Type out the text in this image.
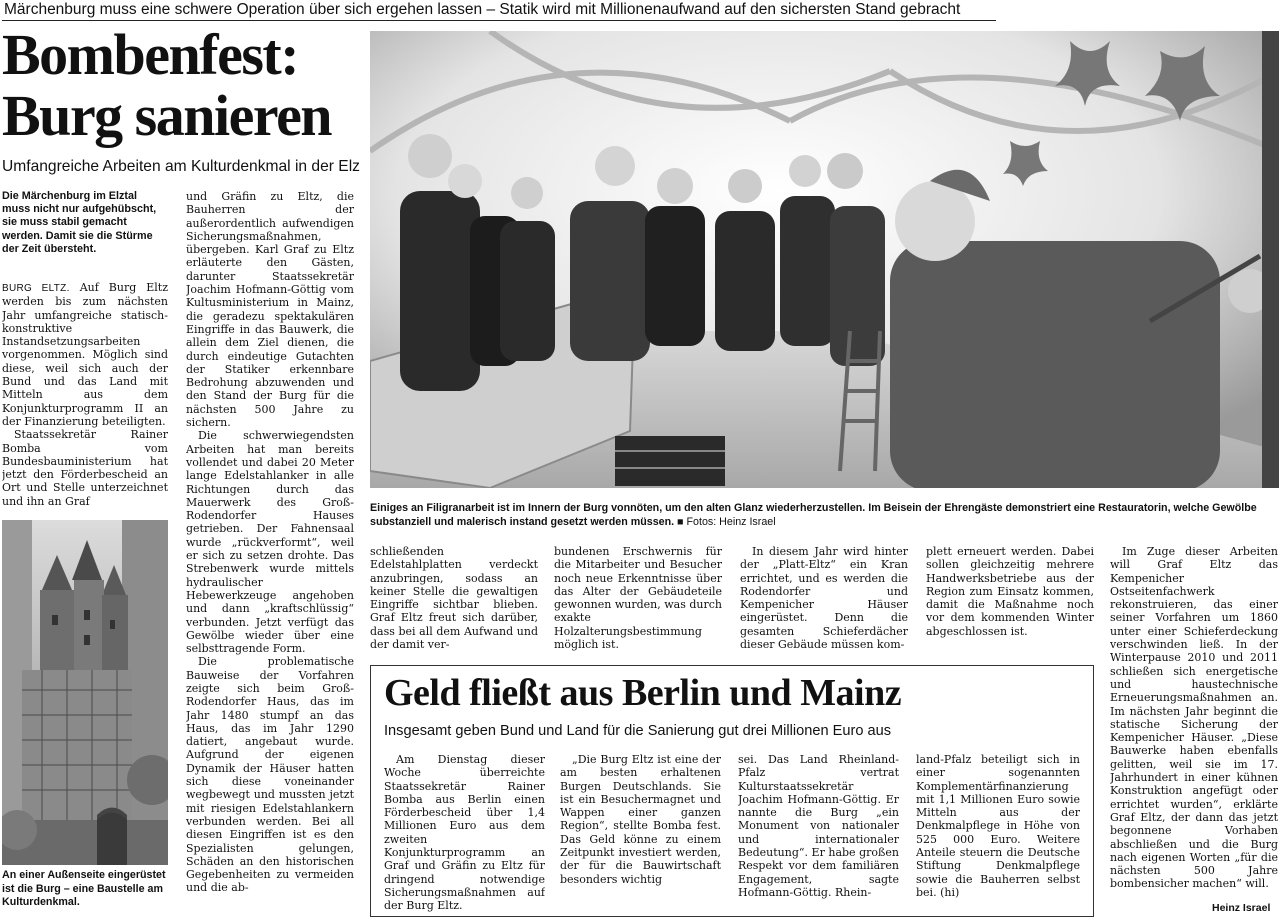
Märchenburg muss eine schwere Operation über sich ergehen lassen – Statik wird mit Millionenaufwand auf den sichersten Stand gebracht
Bombenfest:
Burg sanieren
Umfangreiche Arbeiten am Kulturdenkmal in der Elz
Die Märchenburg im Elztal muss nicht nur aufgehübscht, sie muss stabil gemacht werden. Damit sie die Stürme der Zeit übersteht.

BURG ELTZ. Auf Burg Eltz werden bis zum nächsten Jahr umfangreiche statisch-konstruktive Instandsetzungsarbeiten vorgenommen. Möglich sind diese, weil sich auch der Bund und das Land mit Mitteln aus dem Konjunkturprogramm II an der Finanzierung beteiligten.

Staatssekretär Rainer Bomba vom Bundesbauministerium hat jetzt den Förderbescheid an Ort und Stelle unterzeichnet und ihn an Graf

und Gräfin zu Eltz, die Bauherren der außerordentlich aufwendigen Sicherungsmaßnahmen, übergeben. Karl Graf zu Eltz erläuterte den Gästen, darunter Staatssekretär Joachim Hofmann-Göttig vom Kultusministerium in Mainz, die geradezu spektakulären Eingriffe in das Bauwerk, die allein dem Ziel dienen, die durch eindeutige Gutachten der Statiker erkennbare Bedrohung abzuwenden und den Stand der Burg für die nächsten 500 Jahre zu sichern.

Die schwerwiegendsten Arbeiten hat man bereits vollendet und dabei 20 Meter lange Edelstahlanker in alle Richtungen durch das Mauerwerk des Groß-Rodendorfer Hauses getrieben. Der Fahnensaal wurde „rückverformt“, weil er sich zu setzen drohte. Das Strebenwerk wurde mittels hydraulischer Hebewerkzeuge angehoben und dann „kraftschlüssig“ verbunden. Jetzt verfügt das Gewölbe wieder über eine selbsttragende Form.

Die problematische Bauweise der Vorfahren zeigte sich beim Groß-Rodendorfer Haus, das im Jahr 1480 stumpf an das Haus, das im Jahr 1290 datiert, angebaut wurde. Aufgrund der eigenen Dynamik der Häuser hatten sich diese voneinander wegbewegt und mussten jetzt mit riesigen Edelstahlankern verbunden werden. Bei all diesen Eingriffen ist es den Spezialisten gelungen, Schäden an den historischen Gegebenheiten zu vermeiden und die ab-

An einer Außenseite eingerüstet ist die Burg – eine Baustelle am Kulturdenkmal.
Einiges an Filigranarbeit ist im Innern der Burg vonnöten, um den alten Glanz wiederherzustellen. Im Beisein der Ehrengäste demonstriert eine Restauratorin, welche Gewölbe substanziell und malerisch instand gesetzt werden müssen. ■ Fotos: Heinz Israel

schließenden Edelstahlplatten verdeckt anzubringen, sodass an keiner Stelle die gewaltigen Eingriffe sichtbar blieben. Graf Eltz freut sich darüber, dass bei all dem Aufwand und der damit ver-

bundenen Erschwernis für die Mitarbeiter und Besucher noch neue Erkenntnisse über das Alter der Gebäudeteile gewonnen wurden, was durch exakte Holzalterungsbestimmung möglich ist.

In diesem Jahr wird hinter der „Platt-Eltz“ ein Kran errichtet, und es werden die Rodendorfer und Kempenicher Häuser eingerüstet. Denn die gesamten Schieferdächer dieser Gebäude müssen kom-

plett erneuert werden. Dabei sollen gleichzeitig mehrere Handwerksbetriebe aus der Region zum Einsatz kommen, damit die Maßnahme noch vor dem kommenden Winter abgeschlossen ist.

Im Zuge dieser Arbeiten will Graf Eltz das Kempenicher Ostseitenfachwerk rekonstruieren, das einer seiner Vorfahren um 1860 unter einer Schieferdeckung verschwinden ließ. In der Winterpause 2010 und 2011 schließen sich energetische und haustechnische Erneuerungsmaßnahmen an. Im nächsten Jahr beginnt die statische Sicherung der Kempenicher Häuser. „Diese Bauwerke haben ebenfalls gelitten, weil sie im 17. Jahrhundert in einer kühnen Konstruktion angefügt oder errichtet wurden“, erklärte Graf Eltz, der dann das jetzt begonnene Vorhaben abschließen und die Burg nach eigenen Worten „für die nächsten 500 Jahre bombensicher machen“ will.

Heinz Israel
Geld fließt aus Berlin und Mainz
Insgesamt geben Bund und Land für die Sanierung gut drei Millionen Euro aus

Am Dienstag dieser Woche überreichte Staatssekretär Rainer Bomba aus Berlin einen Förderbescheid über 1,4 Millionen Euro aus dem zweiten Konjunkturprogramm an Graf und Gräfin zu Eltz für dringend notwendige Sicherungsmaßnahmen auf der Burg Eltz.

„Die Burg Eltz ist eine der am besten erhaltenen Burgen Deutschlands. Sie ist ein Besuchermagnet und Wappen einer ganzen Region“, stellte Bomba fest. Das Geld könne zu einem Zeitpunkt investiert werden, der für die Bauwirtschaft besonders wichtig

sei. Das Land Rheinland-Pfalz vertrat Kulturstaatssekretär Joachim Hofmann-Göttig. Er nannte die Burg „ein Monument von nationaler und internationaler Bedeutung“. Er habe großen Respekt vor dem familiären Engagement, sagte Hofmann-Göttig. Rhein-

land-Pfalz beteiligt sich in einer sogenannten Komplementärfinanzierung mit 1,1 Millionen Euro sowie Mitteln aus der Denkmalpflege in Höhe von 525 000 Euro. Weitere Anteile steuern die Deutsche Stiftung Denkmalpflege sowie die Bauherren selbst bei. (hi)
